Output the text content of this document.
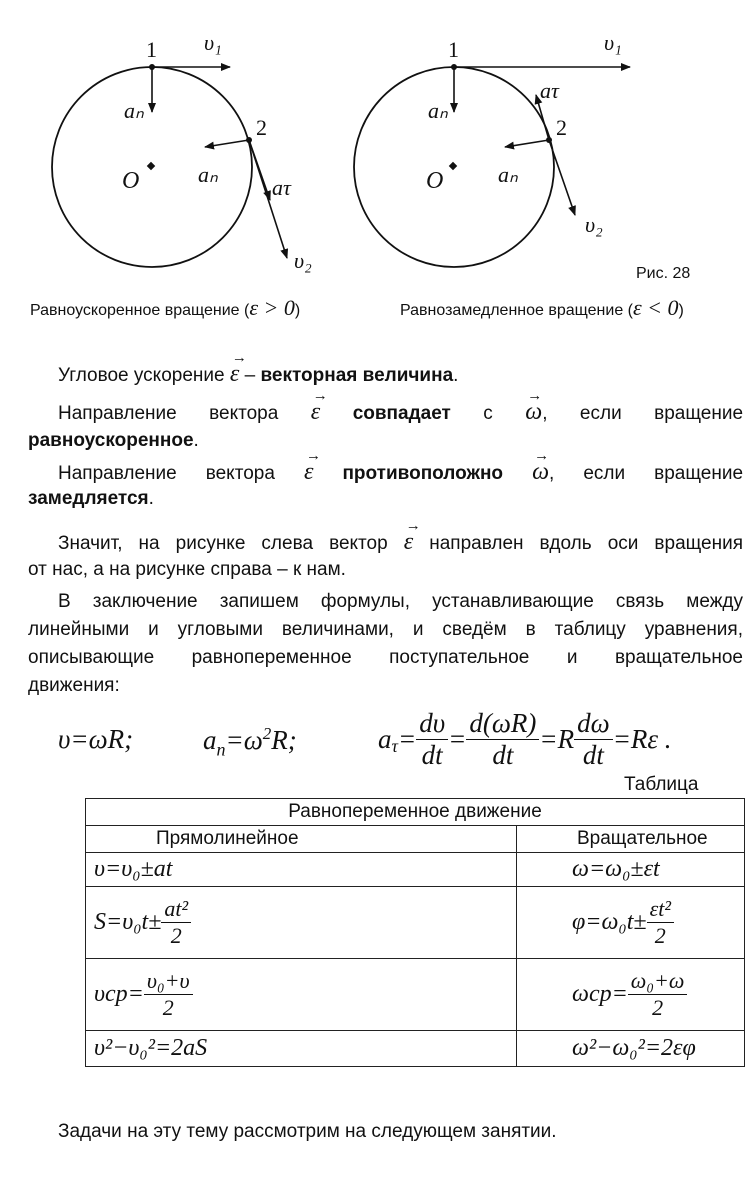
1
2
O
υ₁
aₙ
aₙ
aτ
υ₂
1
2
O
υ₁
aₙ
aₙ
aτ
υ₂
Рис. 28
Равноускоренное вращение (ε > 0)	Равнозамедленное вращение (ε < 0)
Угловое ускорение → ε – векторная величина.
Направление вектора → ε совпадает с → ω, если вращение
равноускоренное.
Направление вектора → ε противоположно → ω, если вращение
замедляется.
Значит, на рисунке слева вектор → ε направлен вдоль оси вращения
от нас, а на рисунке справа – к нам.
В заключение запишем формулы, устанавливающие связь между
линейными и угловыми величинами, и сведём в таблицу уравнения,
описывающие равнопеременное поступательное и вращательное
движения:
υ=ωR;	$a_n=\omega^2R$;	$a_\tau= \frac{d\upsilon}{dt} = \frac{d(\omega R)}{dt} =R \frac{d\omega}{dt} =R\varepsilon$ .
Таблица
Равнопеременное движение	
Прямолинейное	Вращательное
υ=υ₀±at	ω=ω₀±εt
$S=\upsilon_0t\pm \frac{\text{at²}}{2}$	$\varphi=\omega_0t\pm \frac{\text{εt²}}{2}$

$\upsilon ср= \frac{\text{υ₀+υ}}{2}$	$\omega ср= \frac{\text{ω₀+ω}}{2}$

υ²−υ₀²=2aS	ω²−ω₀²=2εφ
Задачи на эту тему рассмотрим на следующем занятии.
